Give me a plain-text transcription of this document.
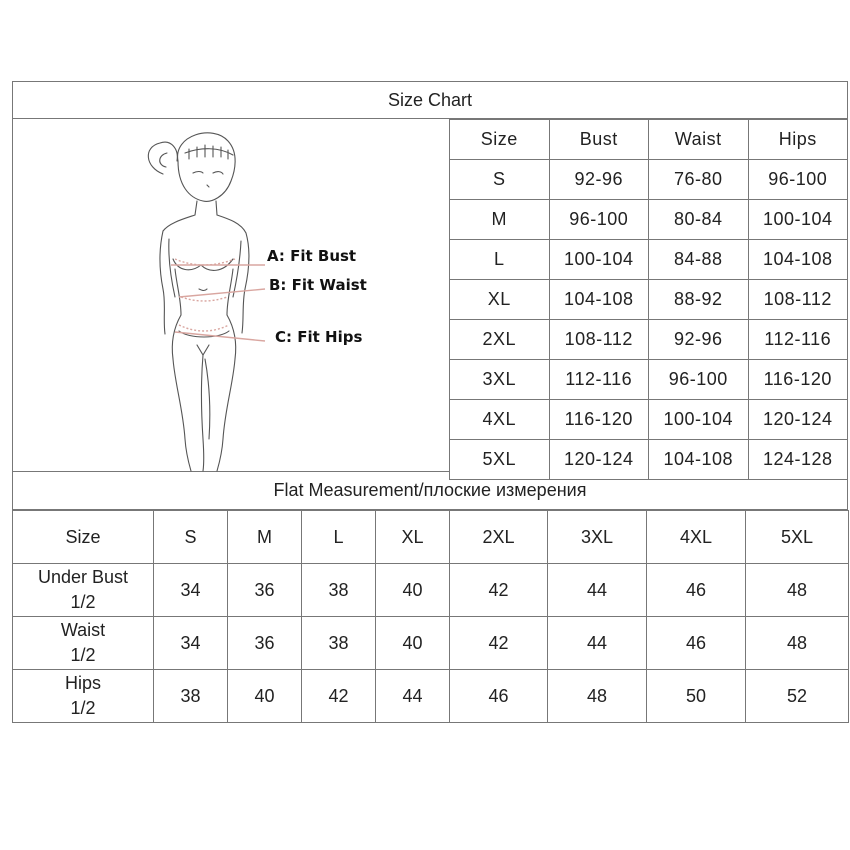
Size Chart
A: Fit Bust
B: Fit Waist
C: Fit Hips
Size	Bust	Waist	Hips
S	92-96	76-80	96-100
M	96-100	80-84	100-104
L	100-104	84-88	104-108
XL	104-108	88-92	108-112
2XL	108-112	92-96	112-116
3XL	112-116	96-100	116-120
4XL	116-120	100-104	120-124
5XL	120-124	104-108	124-128
Flat Measurement/плоские измерения
Size	S	M	L	XL	2XL	3XL	4XL	5XL

Under Bust
1/2	34	36	38	40	42	44	46	48

Waist
1/2	34	36	38	40	42	44	46	48

Hips
1/2	38	40	42	44	46	48	50	52
